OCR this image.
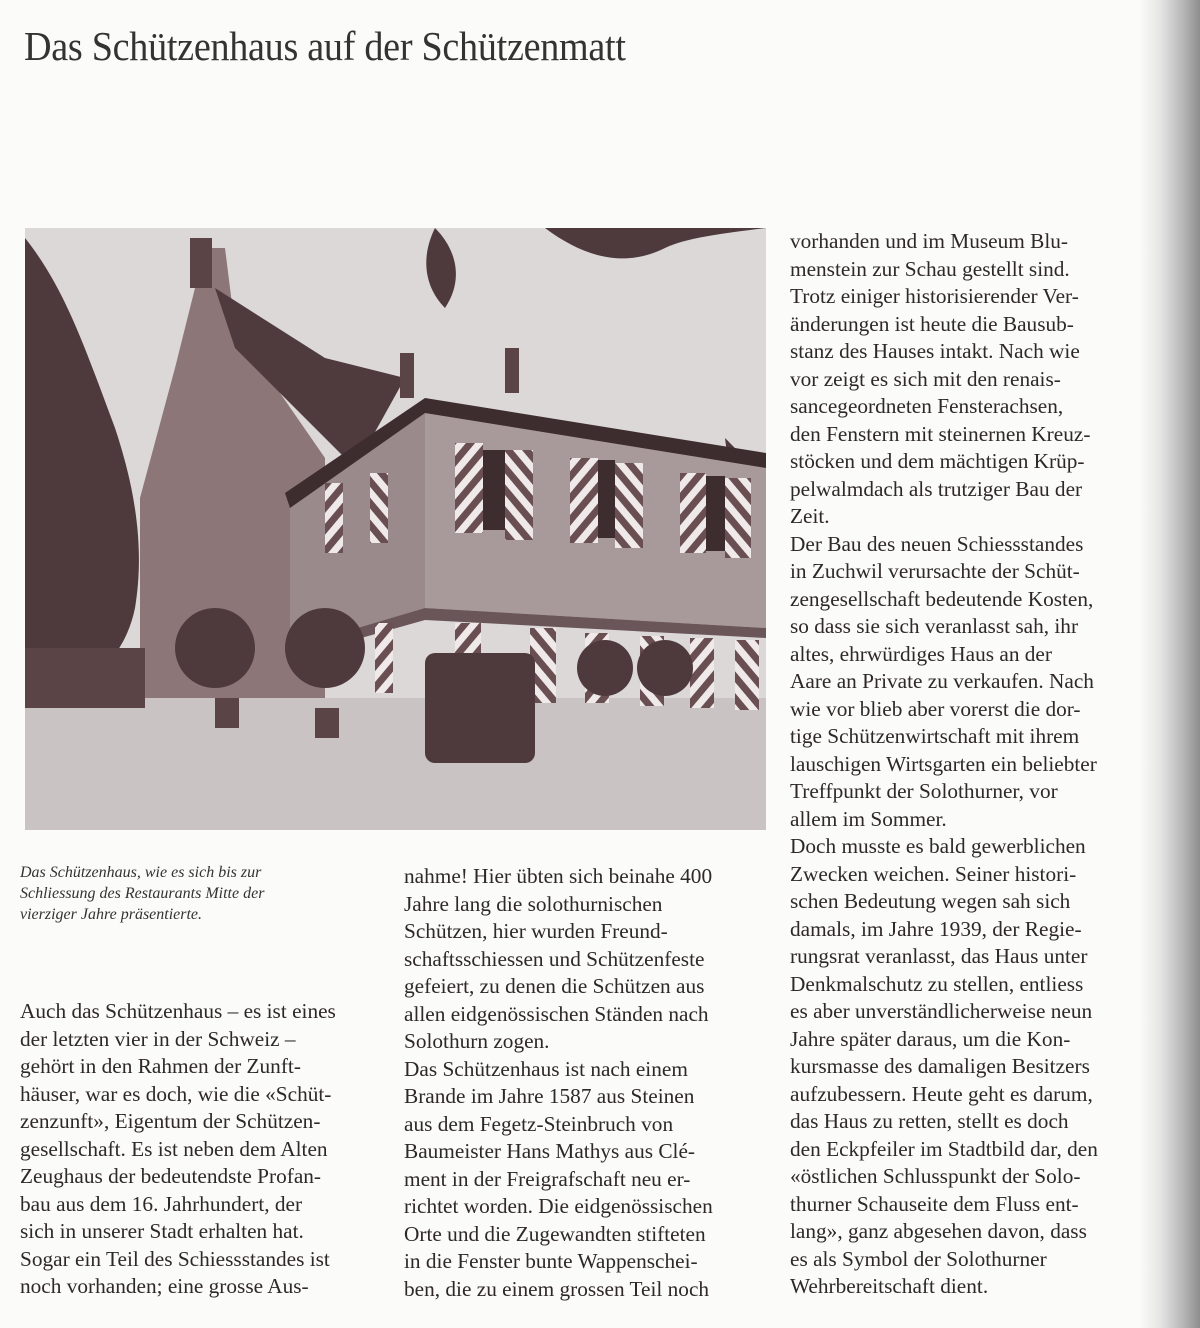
Das Schützenhaus auf der Schützenmatt
Das Schützenhaus, wie es sich bis zur
Schliessung des Restaurants Mitte der
vierziger Jahre präsentierte.
Auch das Schützenhaus – es ist eines
der letzten vier in der Schweiz –
gehört in den Rahmen der Zunft-
häuser, war es doch, wie die «Schüt-
zenzunft», Eigentum der Schützen-
gesellschaft. Es ist neben dem Alten
Zeughaus der bedeutendste Profan-
bau aus dem 16. Jahrhundert, der
sich in unserer Stadt erhalten hat.
Sogar ein Teil des Schiessstandes ist
noch vorhanden; eine grosse Aus-
nahme! Hier übten sich beinahe 400
Jahre lang die solothurnischen
Schützen, hier wurden Freund-
schaftsschiessen und Schützenfeste
gefeiert, zu denen die Schützen aus
allen eidgenössischen Ständen nach
Solothurn zogen.
Das Schützenhaus ist nach einem
Brande im Jahre 1587 aus Steinen
aus dem Fegetz-Steinbruch von
Baumeister Hans Mathys aus Clé-
ment in der Freigrafschaft neu er-
richtet worden. Die eidgenössischen
Orte und die Zugewandten stifteten
in die Fenster bunte Wappenschei-
ben, die zu einem grossen Teil noch
vorhanden und im Museum Blu-
menstein zur Schau gestellt sind.
Trotz einiger historisierender Ver-
änderungen ist heute die Bausub-
stanz des Hauses intakt. Nach wie
vor zeigt es sich mit den renais-
sancegeordneten Fensterachsen,
den Fenstern mit steinernen Kreuz-
stöcken und dem mächtigen Krüp-
pelwalmdach als trutziger Bau der
Zeit.
Der Bau des neuen Schiessstandes
in Zuchwil verursachte der Schüt-
zengesellschaft bedeutende Kosten,
so dass sie sich veranlasst sah, ihr
altes, ehrwürdiges Haus an der
Aare an Private zu verkaufen. Nach
wie vor blieb aber vorerst die dor-
tige Schützenwirtschaft mit ihrem
lauschigen Wirtsgarten ein beliebter
Treffpunkt der Solothurner, vor
allem im Sommer.
Doch musste es bald gewerblichen
Zwecken weichen. Seiner histori-
schen Bedeutung wegen sah sich
damals, im Jahre 1939, der Regie-
rungsrat veranlasst, das Haus unter
Denkmalschutz zu stellen, entliess
es aber unverständlicherweise neun
Jahre später daraus, um die Kon-
kursmasse des damaligen Besitzers
aufzubessern. Heute geht es darum,
das Haus zu retten, stellt es doch
den Eckpfeiler im Stadtbild dar, den
«östlichen Schlusspunkt der Solo-
thurner Schauseite dem Fluss ent-
lang», ganz abgesehen davon, dass
es als Symbol der Solothurner
Wehrbereitschaft dient.
